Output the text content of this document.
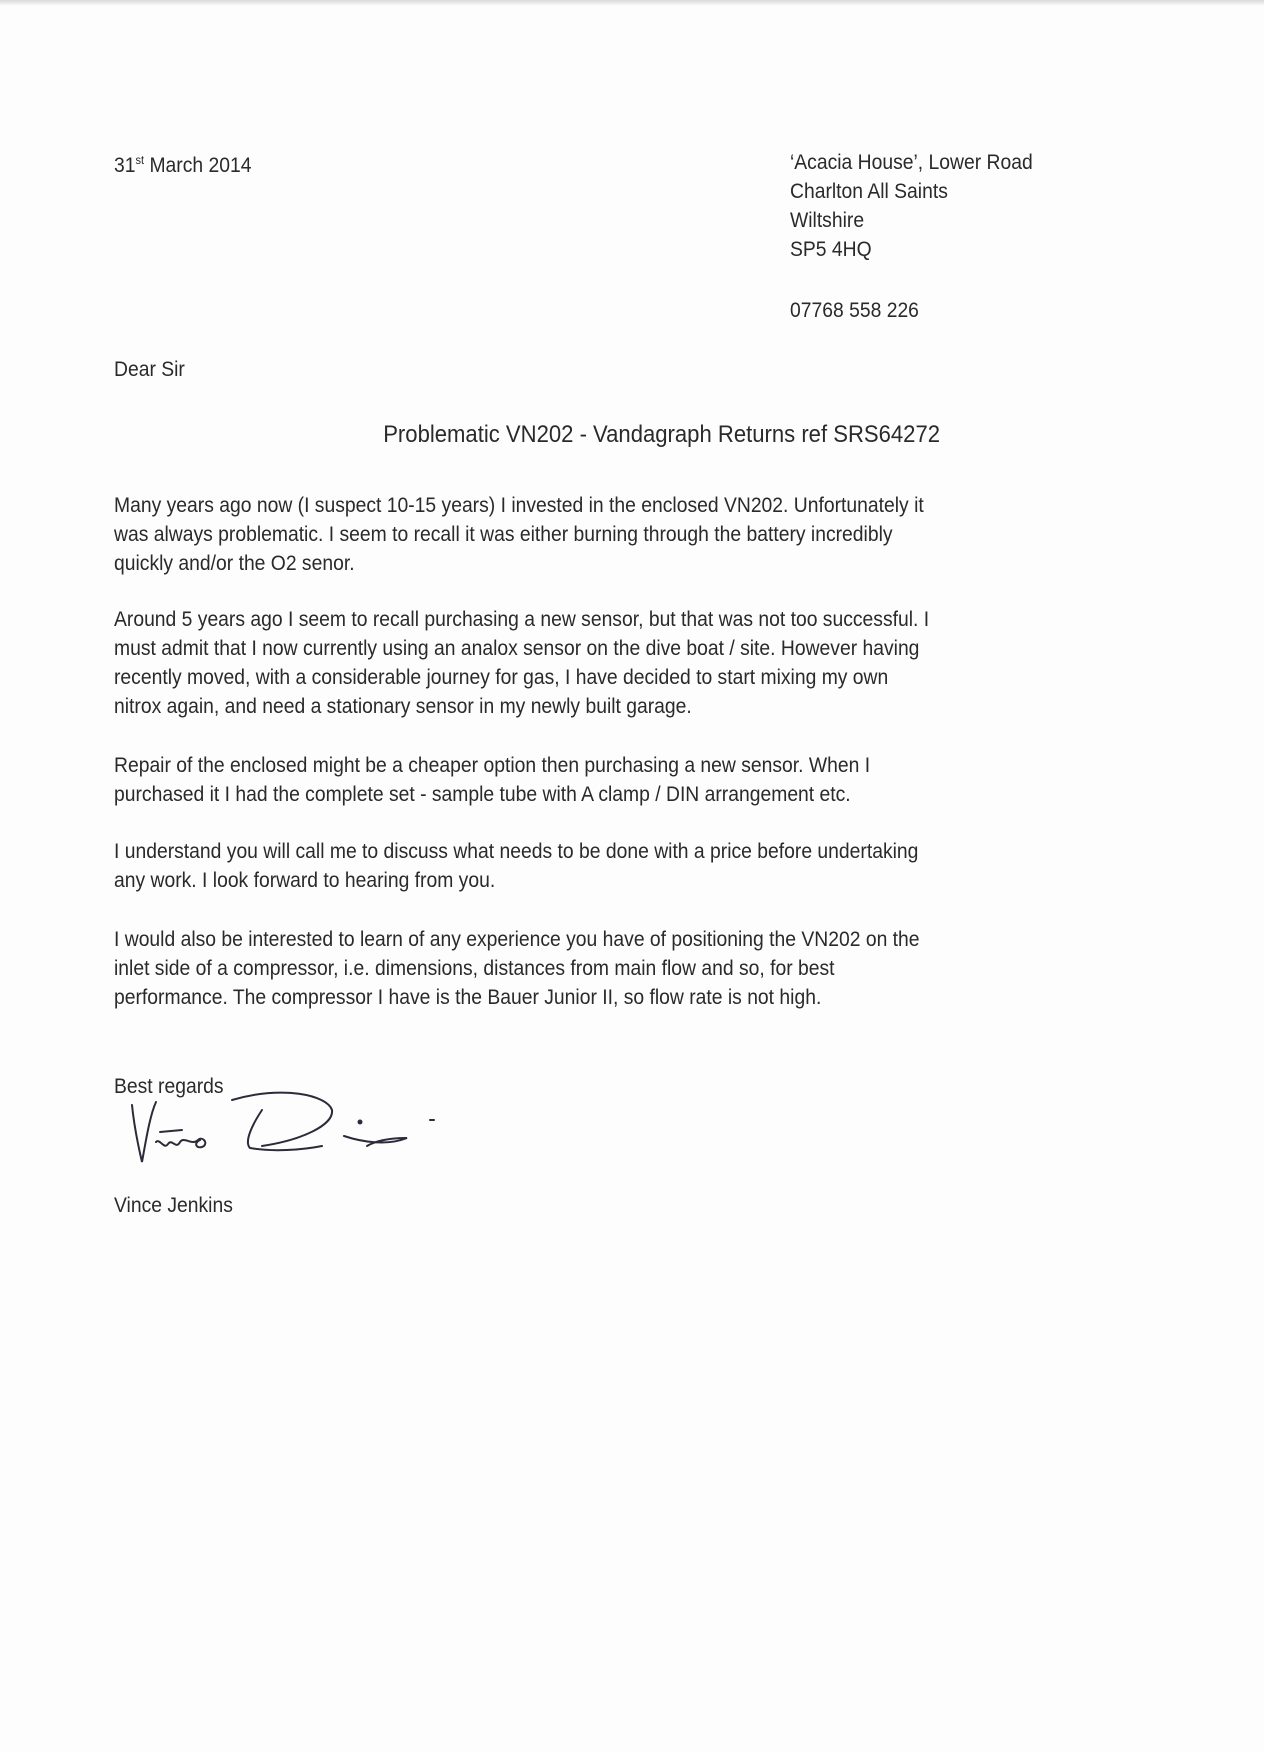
31st March 2014	‘Acacia House’, Lower Road
Charlton All Saints
Wiltshire
SP5 4HQ
07768 558 226
Dear Sir
Problematic VN202 - Vandagraph Returns ref SRS64272
Many years ago now (I suspect 10-15 years) I invested in the enclosed VN202. Unfortunately it
was always problematic. I seem to recall it was either burning through the battery incredibly
quickly and/or the O2 senor.
Around 5 years ago I seem to recall purchasing a new sensor, but that was not too successful. I
must admit that I now currently using an analox sensor on the dive boat / site. However having
recently moved, with a considerable journey for gas, I have decided to start mixing my own
nitrox again, and need a stationary sensor in my newly built garage.
Repair of the enclosed might be a cheaper option then purchasing a new sensor. When I
purchased it I had the complete set - sample tube with A clamp / DIN arrangement etc.
I understand you will call me to discuss what needs to be done with a price before undertaking
any work. I look forward to hearing from you.
I would also be interested to learn of any experience you have of positioning the VN202 on the
inlet side of a compressor, i.e. dimensions, distances from main flow and so, for best
performance. The compressor I have is the Bauer Junior II, so flow rate is not high.
Best regards
Vince Jenkins
